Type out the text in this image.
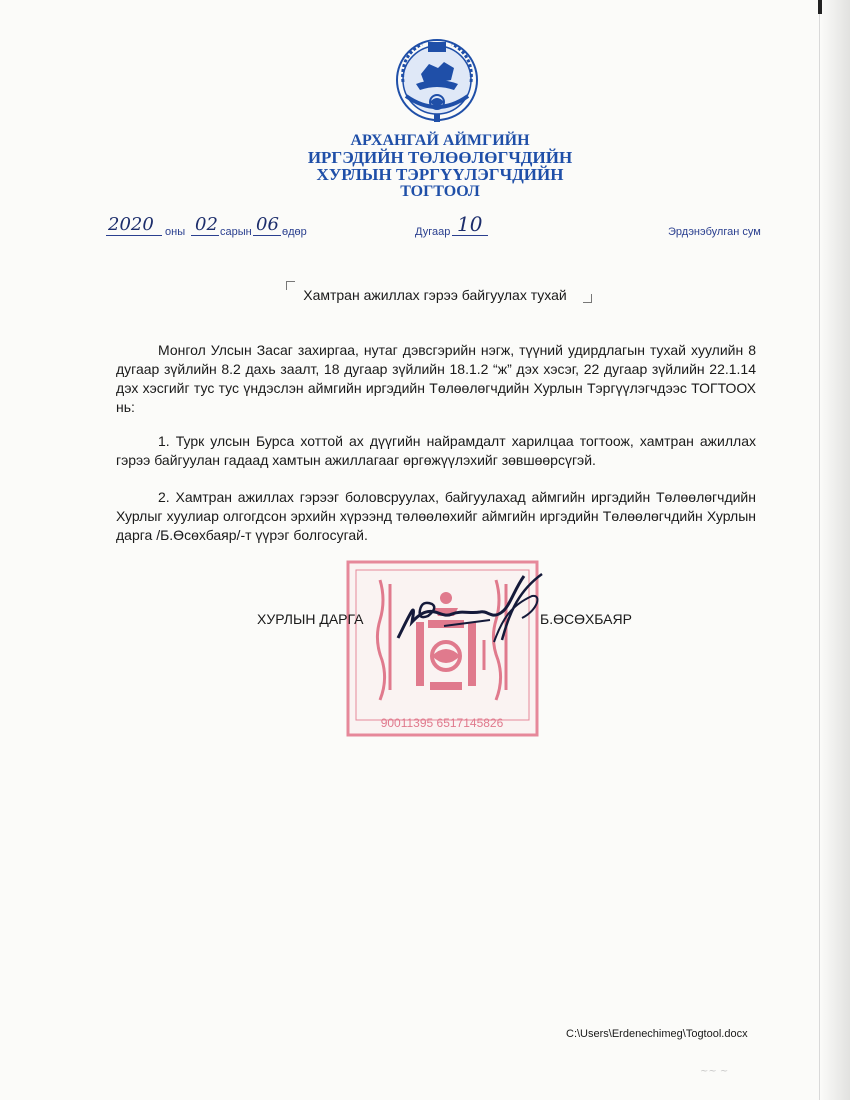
АРХАНГАЙ АЙМГИЙН
ИРГЭДИЙН ТӨЛӨӨЛӨГЧДИЙН
ХУРЛЫН ТЭРГҮҮЛЭГЧДИЙН
ТОГТООЛ
2020 оны 02 сарын 06 өдөр	Дугаар 10	Эрдэнэбулган сум
Хамтран ажиллах гэрээ байгуулах тухай
Монгол Улсын Засаг захиргаа, нутаг дэвсгэрийн нэгж, түүний удирдлагын тухай хуулийн 8 дугаар зүйлийн 8.2 дахь заалт, 18 дугаар зүйлийн 18.1.2 “ж” дэх хэсэг, 22 дугаар зүйлийн 22.1.14 дэх хэсгийг тус тус үндэслэн аймгийн иргэдийн Төлөөлөгчдийн Хурлын Тэргүүлэгчдээс ТОГТООХ нь:
1. Турк улсын Бурса хоттой ах дүүгийн найрамдалт харилцаа тогтоож, хамтран ажиллах гэрээ байгуулан гадаад хамтын ажиллагааг өргөжүүлэхийг зөвшөөрсүгэй.
2. Хамтран ажиллах гэрээг боловсруулах, байгуулахад аймгийн иргэдийн Төлөөлөгчдийн Хурлыг хуулиар олгогдсон эрхийн хүрээнд төлөөлөхийг аймгийн иргэдийн Төлөөлөгчдийн Хурлын дарга /Б.Өсөхбаяр/-т үүрэг болгосугай.
90011395 6517145826
ХУРЛЫН ДАРГА	Б.ӨСӨХБАЯР
C:\Users\Erdenechimeg\Togtool.docx
~~ ~
